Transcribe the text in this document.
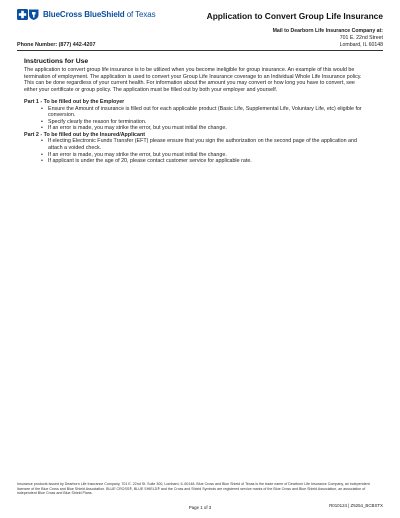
BlueCross BlueShield of Texas	Application to Convert Group Life Insurance
Mail to Dearborn Life Insurance Company at:
701 E. 22nd Street
Lombard, IL 60148
Phone Number: (877) 442-4207
Instructions for Use

The application to convert group life insurance is to be utilized when you become ineligible for group insurance. An example of this would be termination of employment. The application is used to convert your Group Life Insurance coverage to an Individual Whole Life Insurance policy. This can be done regardless of your current health. For information about the amount you may convert or how long you have to convert, see either your certificate or group policy. The application must be filled out by both your employer and yourself.

Part 1 - To be filled out by the Employer

• Ensure the Amount of insurance is filled out for each applicable product (Basic Life, Supplemental Life, Voluntary Life, etc) eligible for conversion.
• Specify clearly the reason for termination.
• If an error is made, you may strike the error, but you must initial the change.

Part 2 - To be filled out by the Insured/Applicant

• If electing Electronic Funds Transfer (EFT) please ensure that you sign the authorization on the second page of the application and attach a voided check.
• If an error is made, you may strike the error, but you must initial the change.
• If applicant is under the age of 20, please contact customer service for applicable rate.
Insurance products issued by Dearborn Life Insurance Company, 701 E. 22nd St. Suite 300, Lombard, IL 60148. Blue Cross and Blue Shield of Texas is the trade name of Dearborn Life Insurance Company, an independent licensee of the Blue Cross and Blue Shield Association. BLUE CROSS®, BLUE SHIELD® and the Cross and Shield Symbols are registered service marks of the Blue Cross and Blue Shield Association, an association of independent Blue Cross and Blue Shield Plans.
R010124 | Z5254_BCBSTX
Page 1 of 3
